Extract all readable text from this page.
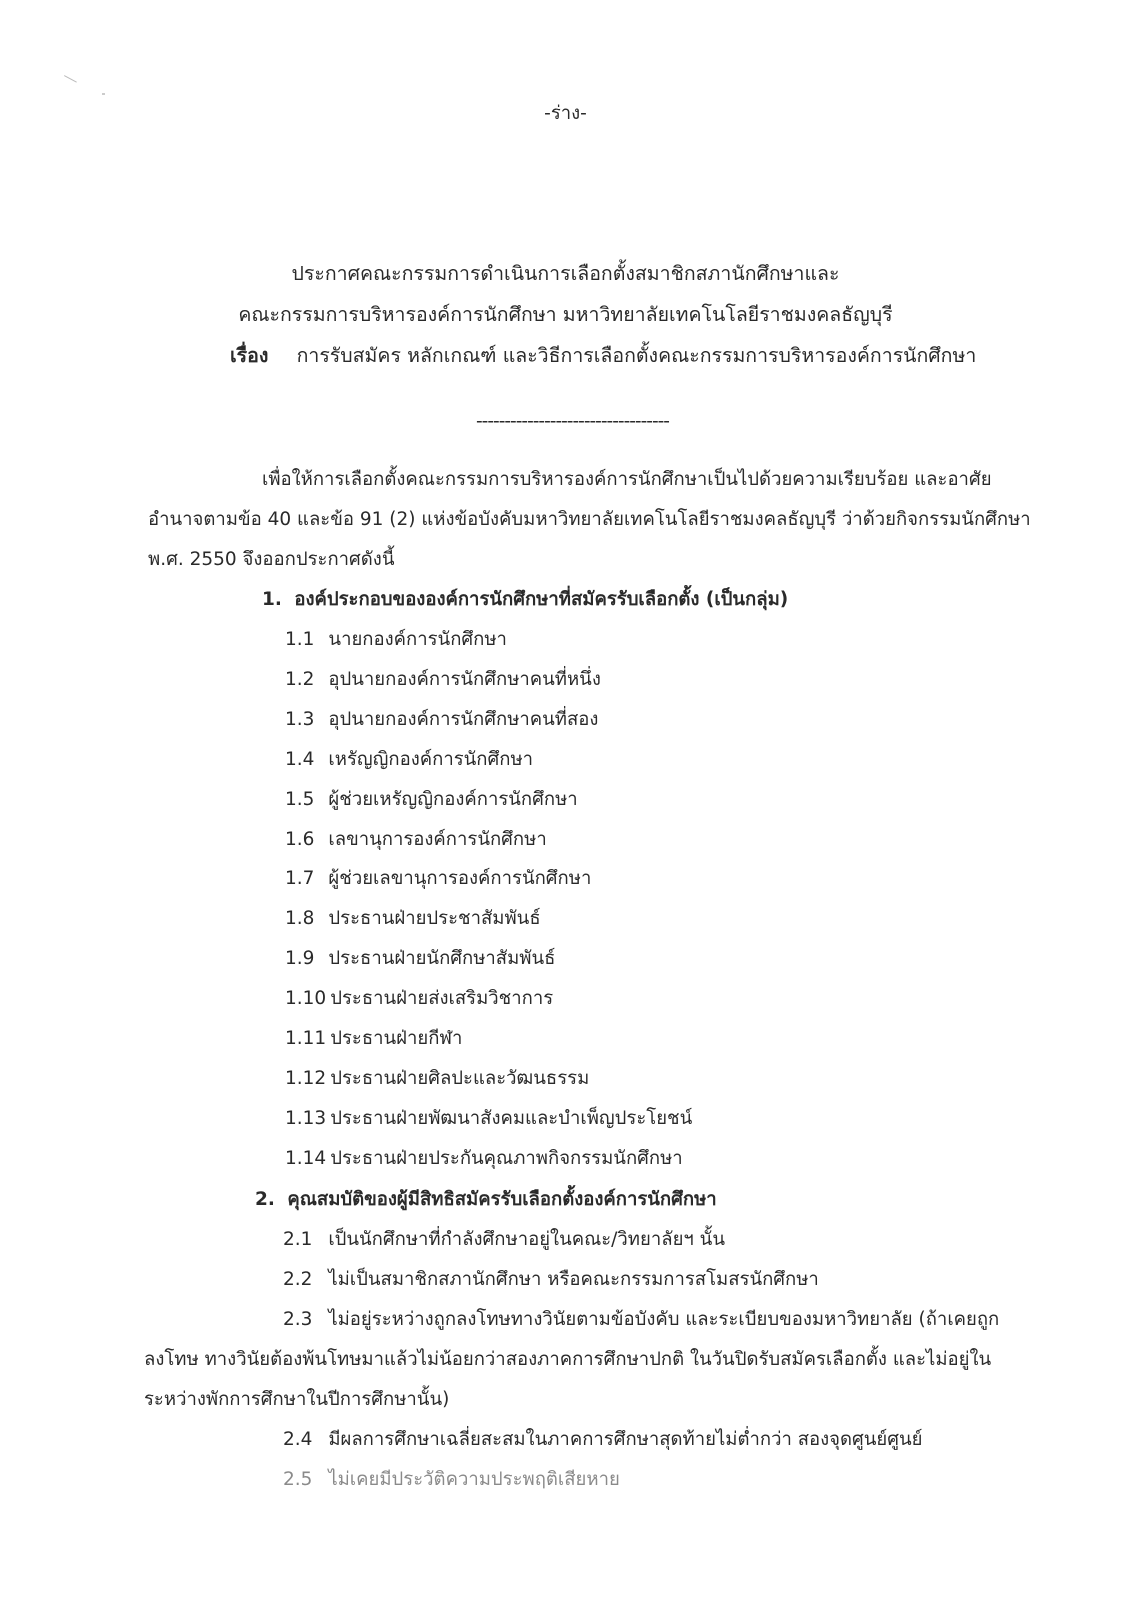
-ร่าง-
ประกาศคณะกรรมการดำเนินการเลือกตั้งสมาชิกสภานักศึกษาและ
คณะกรรมการบริหารองค์การนักศึกษา มหาวิทยาลัยเทคโนโลยีราชมงคลธัญบุรี
เรื่อง การรับสมัคร หลักเกณฑ์ และวิธีการเลือกตั้งคณะกรรมการบริหารองค์การนักศึกษา
----------------------------------
เพื่อให้การเลือกตั้งคณะกรรมการบริหารองค์การนักศึกษาเป็นไปด้วยความเรียบร้อย และอาศัย
อำนาจตามข้อ 40 และข้อ 91 (2) แห่งข้อบังคับมหาวิทยาลัยเทคโนโลยีราชมงคลธัญบุรี ว่าด้วยกิจกรรมนักศึกษา
พ.ศ. 2550 จึงออกประกาศดังนี้
1. องค์ประกอบขององค์การนักศึกษาที่สมัครรับเลือกตั้ง (เป็นกลุ่ม)
1.1 นายกองค์การนักศึกษา
1.2 อุปนายกองค์การนักศึกษาคนที่หนึ่ง
1.3 อุปนายกองค์การนักศึกษาคนที่สอง
1.4 เหรัญญิกองค์การนักศึกษา
1.5 ผู้ช่วยเหรัญญิกองค์การนักศึกษา
1.6 เลขานุการองค์การนักศึกษา
1.7 ผู้ช่วยเลขานุการองค์การนักศึกษา
1.8 ประธานฝ่ายประชาสัมพันธ์
1.9 ประธานฝ่ายนักศึกษาสัมพันธ์
1.10 ประธานฝ่ายส่งเสริมวิชาการ
1.11 ประธานฝ่ายกีฬา
1.12 ประธานฝ่ายศิลปะและวัฒนธรรม
1.13 ประธานฝ่ายพัฒนาสังคมและบำเพ็ญประโยชน์
1.14 ประธานฝ่ายประกันคุณภาพกิจกรรมนักศึกษา
2. คุณสมบัติของผู้มีสิทธิสมัครรับเลือกตั้งองค์การนักศึกษา
2.1 เป็นนักศึกษาที่กำลังศึกษาอยู่ในคณะ/วิทยาลัยฯ นั้น
2.2 ไม่เป็นสมาชิกสภานักศึกษา หรือคณะกรรมการสโมสรนักศึกษา
2.3 ไม่อยู่ระหว่างถูกลงโทษทางวินัยตามข้อบังคับ และระเบียบของมหาวิทยาลัย (ถ้าเคยถูก
ลงโทษ ทางวินัยต้องพ้นโทษมาแล้วไม่น้อยกว่าสองภาคการศึกษาปกติ ในวันปิดรับสมัครเลือกตั้ง และไม่อยู่ใน
ระหว่างพักการศึกษาในปีการศึกษานั้น)
2.4 มีผลการศึกษาเฉลี่ยสะสมในภาคการศึกษาสุดท้ายไม่ต่ำกว่า สองจุดศูนย์ศูนย์
2.5 ไม่เคยมีประวัติความประพฤติเสียหาย
